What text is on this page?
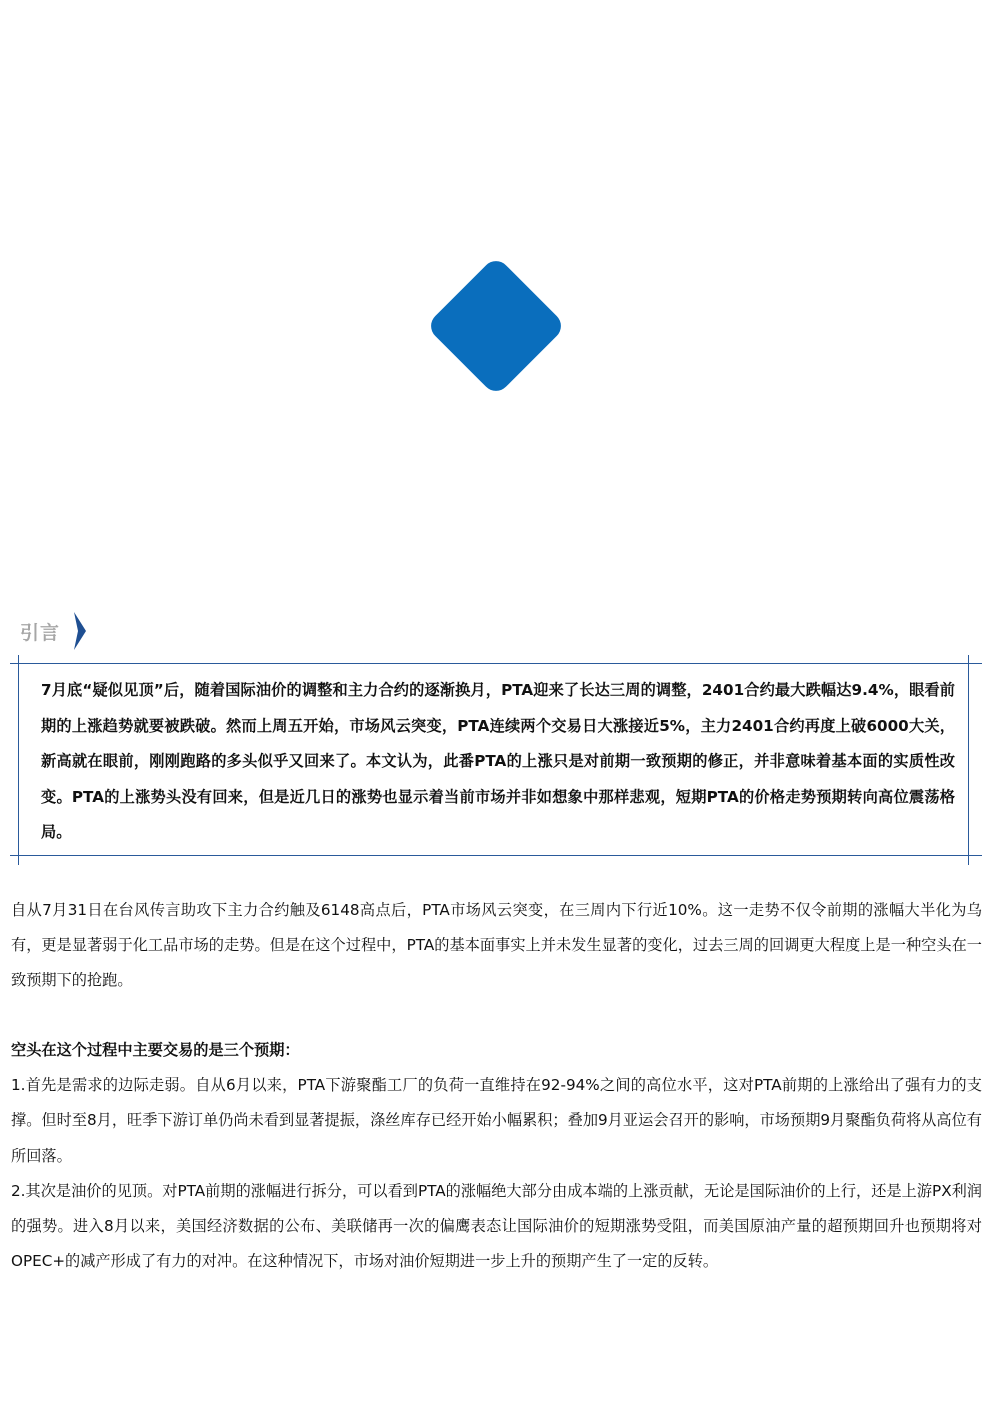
引言
7月底“疑似见顶”后，随着国际油价的调整和主力合约的逐渐换月，PTA迎来了长达三周的调整，2401合约最大跌幅达9.4%，眼看前期的上涨趋势就要被跌破。然而上周五开始，市场风云突变，PTA连续两个交易日大涨接近5%，主力2401合约再度上破6000大关，新高就在眼前，刚刚跑路的多头似乎又回来了。本文认为，此番PTA的上涨只是对前期一致预期的修正，并非意味着基本面的实质性改变。PTA的上涨势头没有回来，但是近几日的涨势也显示着当前市场并非如想象中那样悲观，短期PTA的价格走势预期转向高位震荡格局。
自从7月31日在台风传言助攻下主力合约触及6148高点后，PTA市场风云突变，在三周内下行近10%。这一走势不仅令前期的涨幅大半化为乌有，更是显著弱于化工品市场的走势。但是在这个过程中，PTA的基本面事实上并未发生显著的变化，过去三周的回调更大程度上是一种空头在一致预期下的抢跑。
空头在这个过程中主要交易的是三个预期：
1.首先是需求的边际走弱。自从6月以来，PTA下游聚酯工厂的负荷一直维持在92-94%之间的高位水平，这对PTA前期的上涨给出了强有力的支撑。但时至8月，旺季下游订单仍尚未看到显著提振，涤丝库存已经开始小幅累积；叠加9月亚运会召开的影响，市场预期9月聚酯负荷将从高位有所回落。
2.其次是油价的见顶。对PTA前期的涨幅进行拆分，可以看到PTA的涨幅绝大部分由成本端的上涨贡献，无论是国际油价的上行，还是上游PX利润的强势。进入8月以来，美国经济数据的公布、美联储再一次的偏鹰表态让国际油价的短期涨势受阻，而美国原油产量的超预期回升也预期将对OPEC+的减产形成了有力的对冲。在这种情况下，市场对油价短期进一步上升的预期产生了一定的反转。
